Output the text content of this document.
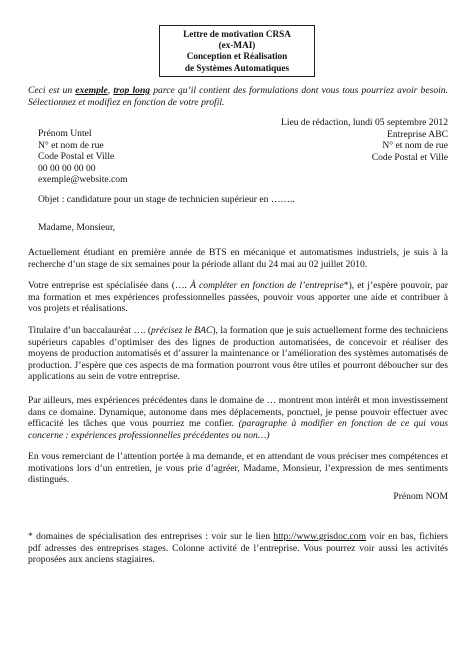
Lettre de motivation CRSA
(ex-MAI)
Conception et Réalisation
de Systèmes Automatiques
Ceci est un exemple, trop long parce qu’il contient des formulations dont vous tous pourriez avoir besoin. Sélectionnez et modifiez en fonction de votre profil.
Lieu de rédaction, lundi 05 septembre 2012
Entreprise ABC
N° et nom de rue
Code Postal et Ville
Prénom Untel
N° et nom de rue
Code Postal et Ville
00 00 00 00 00
exemple@website.com
Objet : candidature pour un stage de technicien supérieur en ……..
Madame, Monsieur,
Actuellement étudiant en première année de BTS en mécanique et automatismes industriels, je suis à la recherche d’un stage de six semaines pour la période allant du 24 mai au 02 juillet 2010.
Votre entreprise est spécialisée dans (…. À compléter en fonction de l’entreprise*), et j’espère pouvoir, par ma formation et mes expériences professionnelles passées, pouvoir vous apporter une aide et contribuer à vos projets et réalisations.
Titulaire d’un baccalauréat …. (précisez le BAC), la formation que je suis actuellement forme des techniciens supérieurs capables d’optimiser des des lignes de production automatisées, de concevoir et réaliser des moyens de production automatisés et d’assurer la maintenance or l’amélioration des systèmes automatisés de production. J’espère que ces aspects de ma formation pourront vous être utiles et pourront déboucher sur des applications au sein de votre entreprise.
Par ailleurs, mes expériences précédentes dans le domaine de … montrent mon intérêt et mon investissement dans ce domaine. Dynamique, autonome dans mes déplacements, ponctuel, je pense pouvoir effectuer avec efficacité les tâches que vous pourriez me confier. (paragraphe à modifier en fonction de ce qui vous concerne : expériences professionnelles précédentes ou non…)
En vous remerciant de l’attention portée à ma demande, et en attendant de vous préciser mes compétences et motivations lors d’un entretien, je vous prie d’agréer, Madame, Monsieur, l’expression de mes sentiments distingués.
Prénom NOM
* domaines de spécialisation des entreprises : voir sur le lien http://www.grisdoc.com voir en bas, fichiers pdf adresses des entreprises stages. Colonne activité de l’entreprise. Vous pourrez voir aussi les activités proposées aux anciens stagiaires.
